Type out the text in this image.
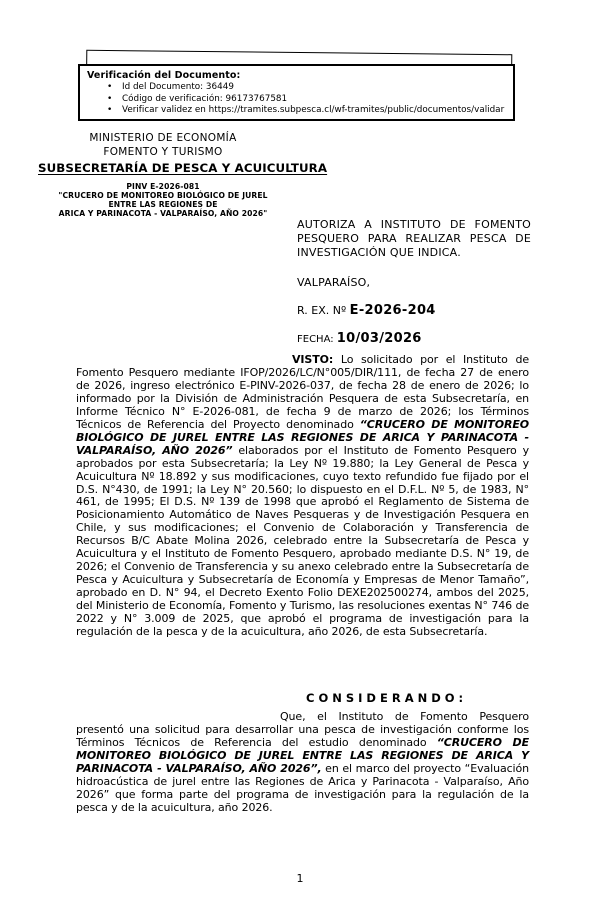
Verificación del Documento:
• Id del Documento: 36449
• Código de verificación: 96173767581
• Verificar validez en https://tramites.subpesca.cl/wf-tramites/public/documentos/validar
MINISTERIO DE ECONOMÍA
FOMENTO Y TURISMO
SUBSECRETARÍA DE PESCA Y ACUICULTURA
PINV E-2026-081
"CRUCERO DE MONITOREO BIOLÓGICO DE JUREL
ENTRE LAS REGIONES DE
ARICA Y PARINACOTA - VALPARAÍSO, AÑO 2026"
AUTORIZA A INSTITUTO DE FOMENTO PESQUERO PARA REALIZAR PESCA DE INVESTIGACIÓN QUE INDICA.
VALPARAÍSO,
R. EX. Nº E-2026-204
FECHA: 10/03/2026
VISTO: Lo solicitado por el Instituto de Fomento Pesquero mediante IFOP/2026/LC/N°005/DIR/111, de fecha 27 de enero de 2026, ingreso electrónico E-PINV-2026-037, de fecha 28 de enero de 2026; lo informado por la División de Administración Pesquera de esta Subsecretaría, en Informe Técnico N° E-2026-081, de fecha 9 de marzo de 2026; los Términos Técnicos de Referencia del Proyecto denominado “CRUCERO DE MONITOREO BIOLÓGICO DE JUREL ENTRE LAS REGIONES DE ARICA Y PARINACOTA - VALPARAÍSO, AÑO 2026” elaborados por el Instituto de Fomento Pesquero y aprobados por esta Subsecretaría; la Ley Nº 19.880; la Ley General de Pesca y Acuicultura Nº 18.892 y sus modificaciones, cuyo texto refundido fue fijado por el D.S. N°430, de 1991; la Ley N° 20.560; lo dispuesto en el D.F.L. Nº 5, de 1983, N° 461, de 1995; El D.S. Nº 139 de 1998 que aprobó el Reglamento de Sistema de Posicionamiento Automático de Naves Pesqueras y de Investigación Pesquera en Chile, y sus modificaciones; el Convenio de Colaboración y Transferencia de Recursos B/C Abate Molina 2026, celebrado entre la Subsecretaría de Pesca y Acuicultura y el Instituto de Fomento Pesquero, aprobado mediante D.S. N° 19, de 2026; el Convenio de Transferencia y su anexo celebrado entre la Subsecretaría de Pesca y Acuicultura y Subsecretaría de Economía y Empresas de Menor Tamaño”, aprobado en D. N° 94, el Decreto Exento Folio DEXE202500274, ambos del 2025, del Ministerio de Economía, Fomento y Turismo, las resoluciones exentas N° 746 de 2022 y N° 3.009 de 2025, que aprobó el programa de investigación para la regulación de la pesca y de la acuicultura, año 2026, de esta Subsecretaría.
C O N S I D E R A N D O :
Que, el Instituto de Fomento Pesquero presentó una solicitud para desarrollar una pesca de investigación conforme los Términos Técnicos de Referencia del estudio denominado “CRUCERO DE MONITOREO BIOLÓGICO DE JUREL ENTRE LAS REGIONES DE ARICA Y PARINACOTA - VALPARAÍSO, AÑO 2026”, en el marco del proyecto “Evaluación hidroacústica de jurel entre las Regiones de Arica y Parinacota - Valparaíso, Año 2026” que forma parte del programa de investigación para la regulación de la pesca y de la acuicultura, año 2026.
1
